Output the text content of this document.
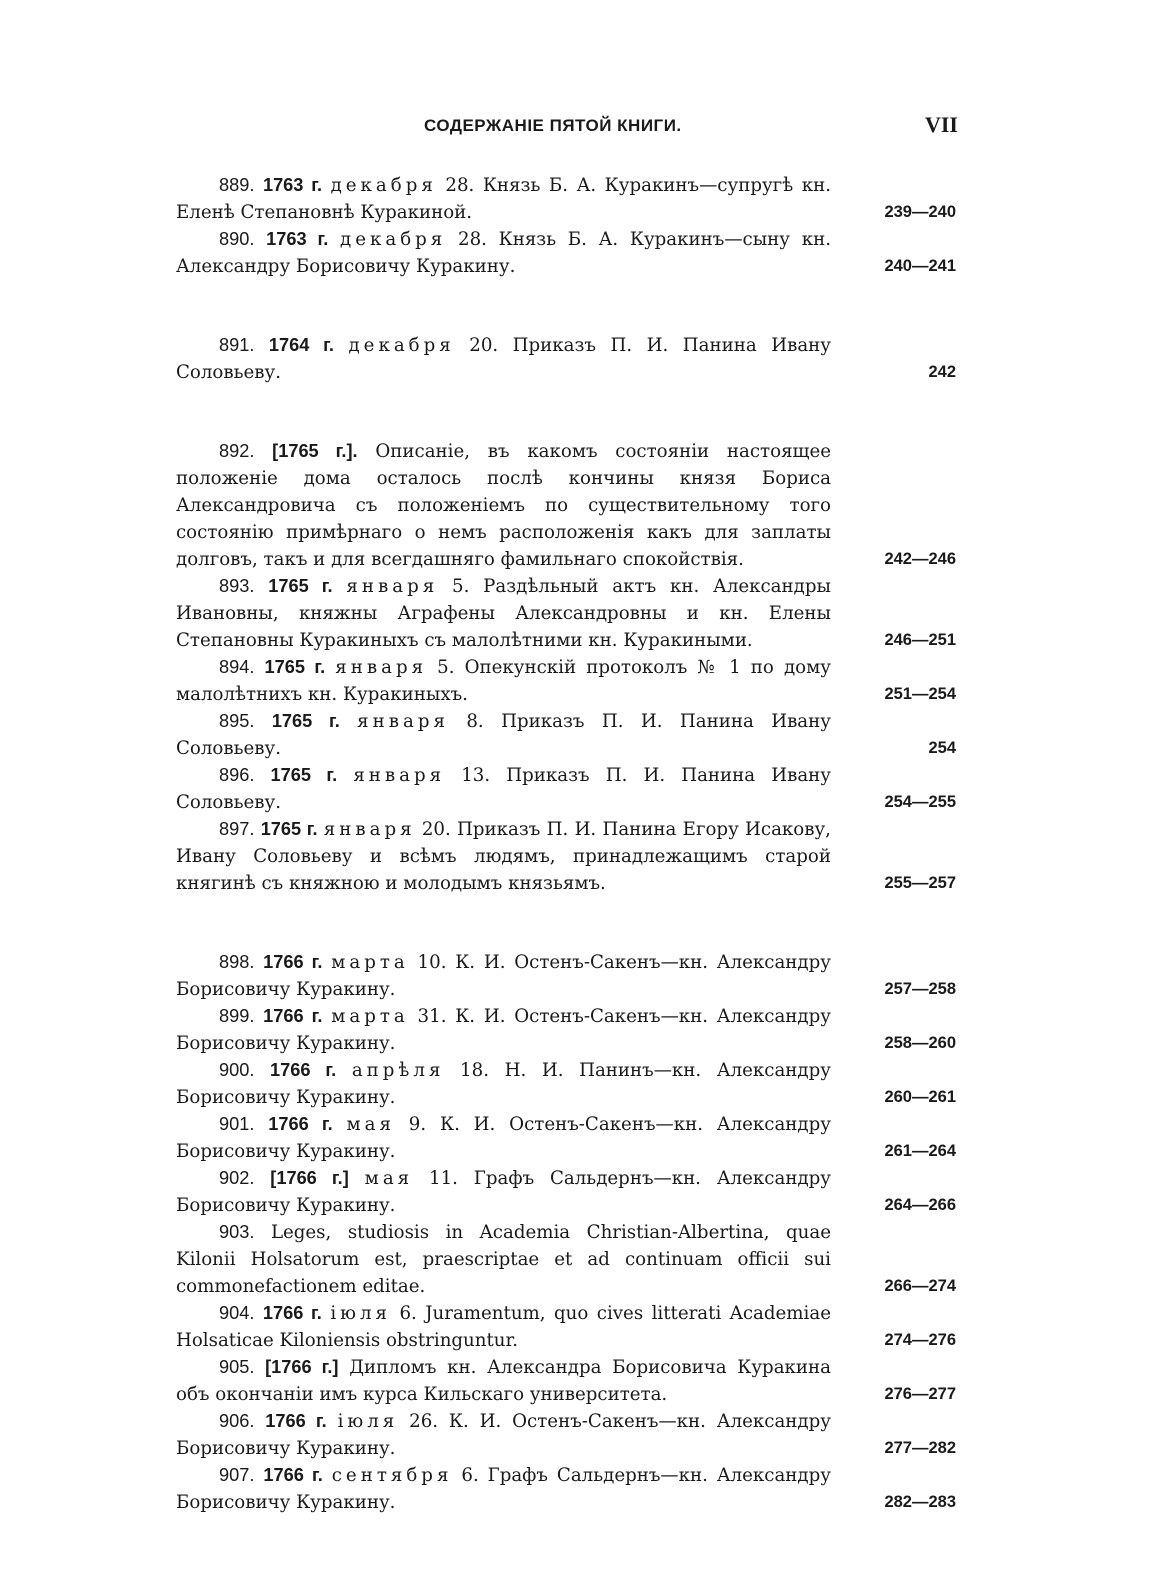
СОДЕРЖАНІЕ ПЯТОЙ КНИГИ.	VII
889. 1763 г. декабря 28. Князь Б. А. Куракинъ—супругѣ кн. Еленѣ Степановнѣ Куракиной.	239—240
890. 1763 г. декабря 28. Князь Б. А. Куракинъ—сыну кн. Александру Борисовичу Куракину.	240—241
891. 1764 г. декабря 20. Приказъ П. И. Панина Ивану Соловьеву.	242
892. [1765 г.]. Описаніе, въ какомъ состояніи настоящее положеніе дома осталось послѣ кончины князя Бориса Александровича съ положеніемъ по существительному того состоянію примѣрнаго о немъ расположенія какъ для заплаты долговъ, такъ и для всегдашняго фамильнаго спокойствія.	242—246
893. 1765 г. января 5. Раздѣльный актъ кн. Александры Ивановны, княжны Аграфены Александровны и кн. Елены Степановны Куракиныхъ съ малолѣтними кн. Куракиными.	246—251
894. 1765 г. января 5. Опекунскій протоколъ № 1 по дому малолѣтнихъ кн. Куракиныхъ.	251—254
895. 1765 г. января 8. Приказъ П. И. Панина Ивану Соловьеву.	254
896. 1765 г. января 13. Приказъ П. И. Панина Ивану Соловьеву.	254—255
897. 1765 г. января 20. Приказъ П. И. Панина Егору Исакову, Ивану Соловьеву и всѣмъ людямъ, принадлежащимъ старой княгинѣ съ княжною и молодымъ князьямъ.	255—257
898. 1766 г. марта 10. К. И. Остенъ-Сакенъ—кн. Александру Борисовичу Куракину.	257—258
899. 1766 г. марта 31. К. И. Остенъ-Сакенъ—кн. Александру Борисовичу Куракину.	258—260
900. 1766 г. апрѣля 18. Н. И. Панинъ—кн. Александру Борисовичу Куракину.	260—261
901. 1766 г. мая 9. К. И. Остенъ-Сакенъ—кн. Александру Борисовичу Куракину.	261—264
902. [1766 г.] мая 11. Графъ Сальдернъ—кн. Александру Борисовичу Куракину.	264—266
903. Leges, studiosis in Academia Christian-Albertina, quae Kilonii Holsatorum est, praescriptae et ad continuam officii sui commonefactionem editae.	266—274
904. 1766 г. іюля 6. Juramentum, quo cives litterati Academiae Holsaticae Kiloniensis obstringuntur.	274—276
905. [1766 г.] Дипломъ кн. Александра Борисовича Куракина объ окончаніи имъ курса Кильскаго университета.	276—277
906. 1766 г. іюля 26. К. И. Остенъ-Сакенъ—кн. Александру Борисовичу Куракину.	277—282
907. 1766 г. сентября 6. Графъ Сальдернъ—кн. Александру Борисовичу Куракину.	282—283
